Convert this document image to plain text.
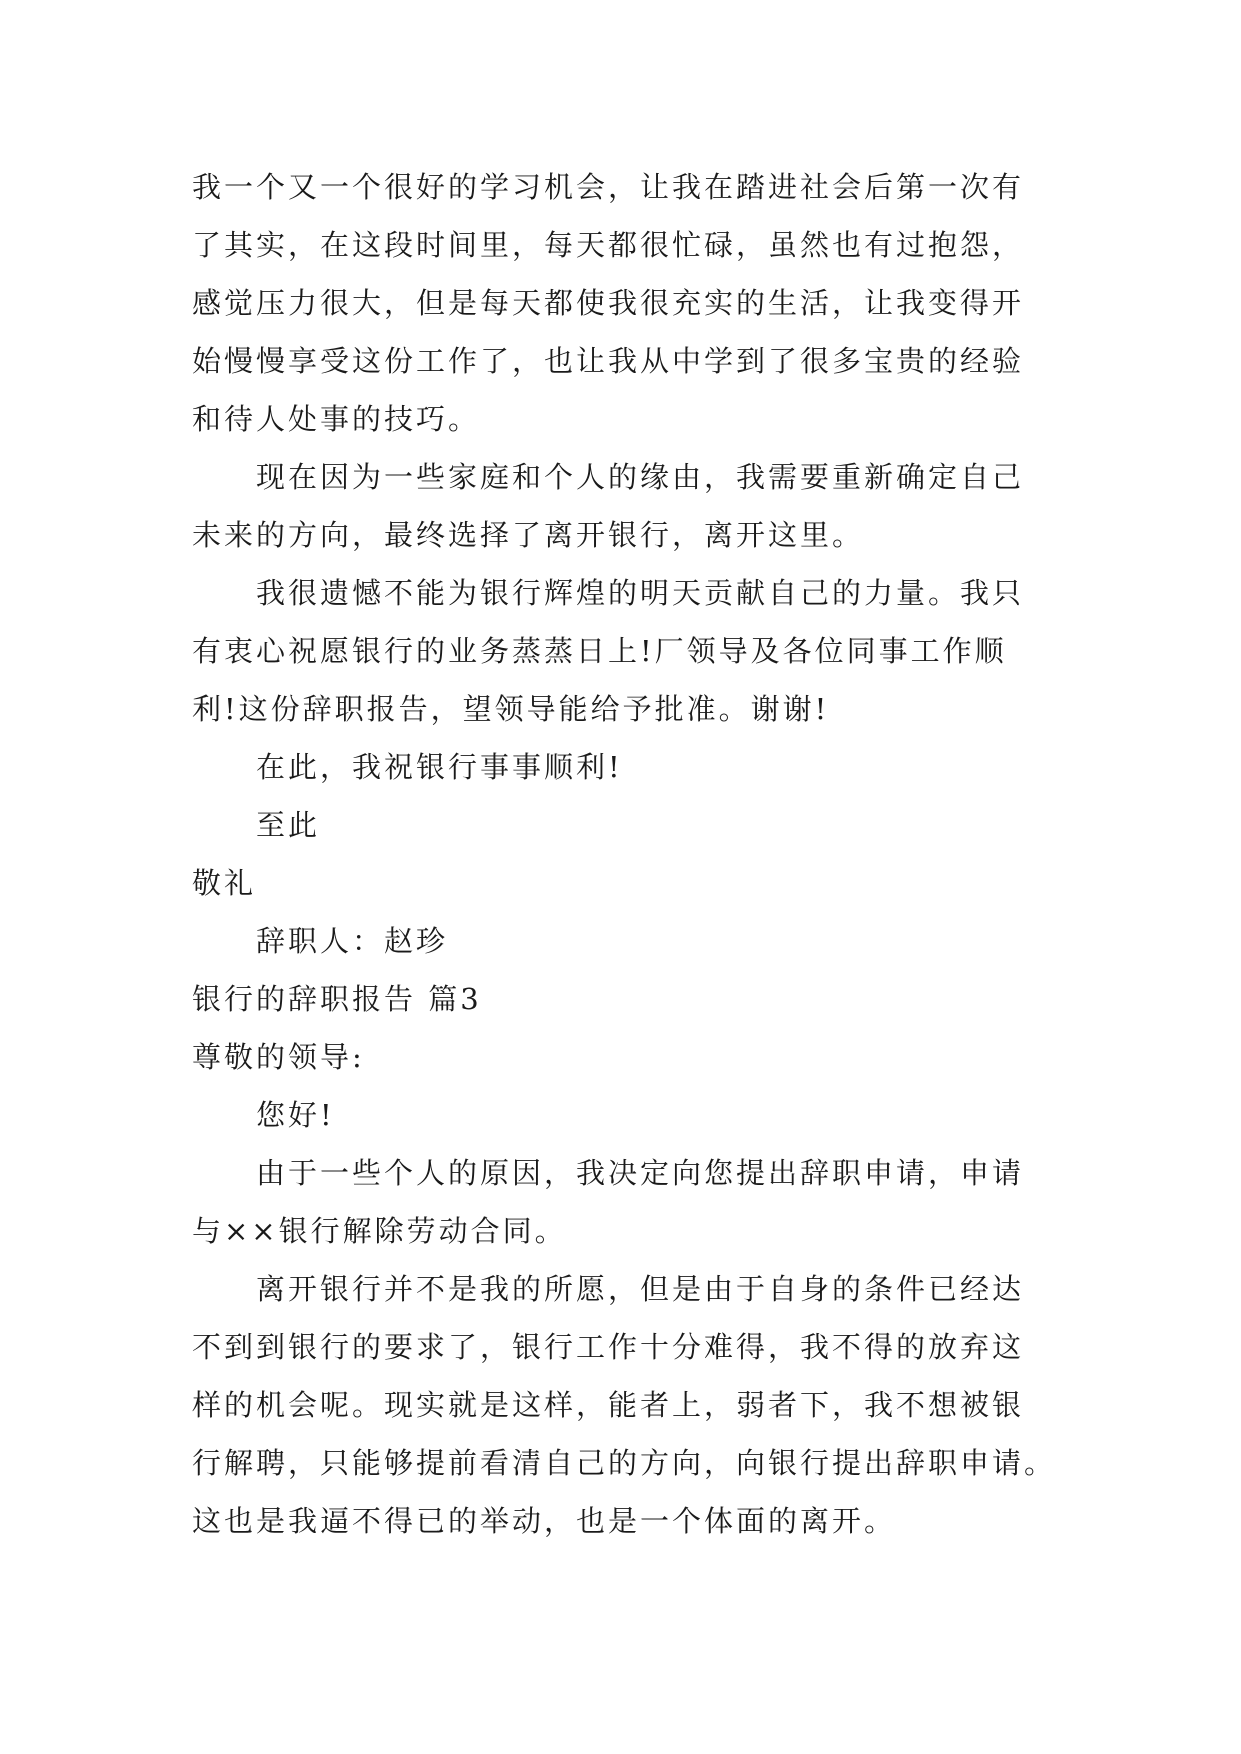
我一个又一个很好的学习机会，让我在踏进社会后第一次有
了其实，在这段时间里，每天都很忙碌，虽然也有过抱怨，
感觉压力很大，但是每天都使我很充实的生活，让我变得开
始慢慢享受这份工作了，也让我从中学到了很多宝贵的经验
和待人处事的技巧。
现在因为一些家庭和个人的缘由，我需要重新确定自己
未来的方向，最终选择了离开银行，离开这里。
我很遗憾不能为银行辉煌的明天贡献自己的力量。我只
有衷心祝愿银行的业务蒸蒸日上!厂领导及各位同事工作顺
利!这份辞职报告，望领导能给予批准。谢谢!
在此，我祝银行事事顺利!
至此
敬礼
辞职人：赵珍
银行的辞职报告 篇3
尊敬的领导:
您好!
由于一些个人的原因，我决定向您提出辞职申请，申请
与××银行解除劳动合同。
离开银行并不是我的所愿，但是由于自身的条件已经达
不到到银行的要求了，银行工作十分难得，我不得的放弃这
样的机会呢。现实就是这样，能者上，弱者下，我不想被银
行解聘，只能够提前看清自己的方向，向银行提出辞职申请。
这也是我逼不得已的举动，也是一个体面的离开。
